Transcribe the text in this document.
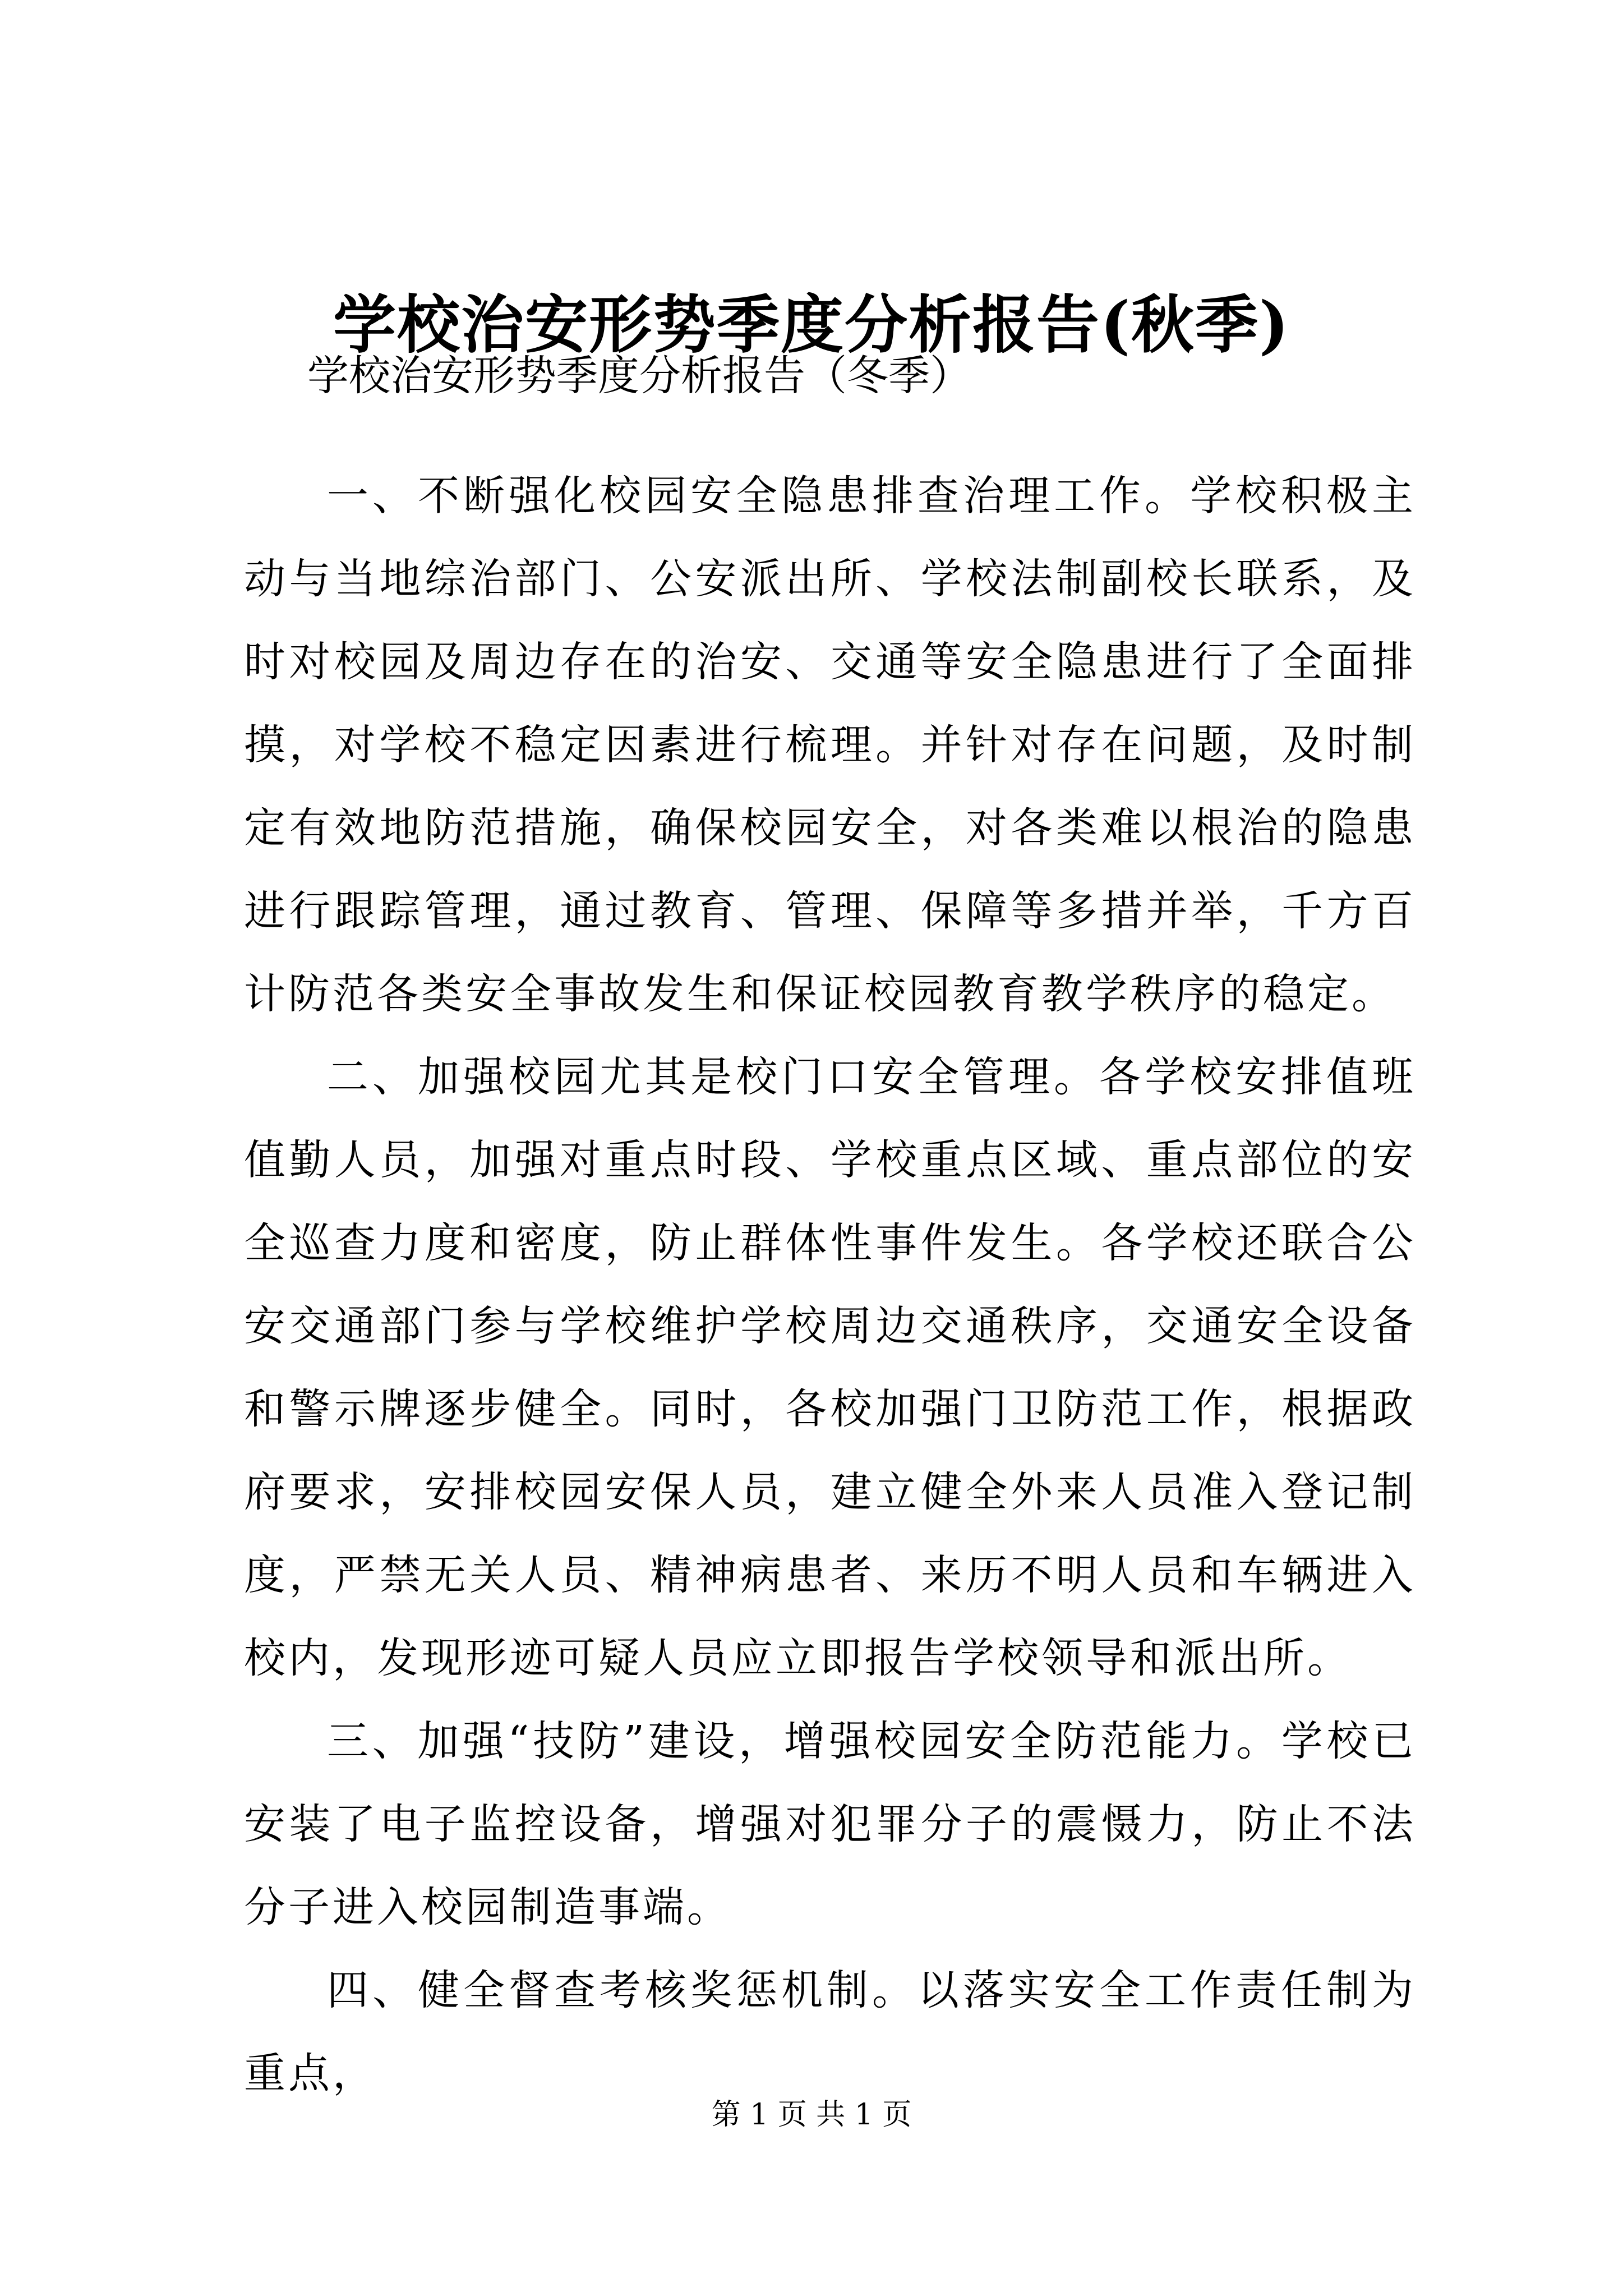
学校治安形势季度分析报告(秋季)
学校治安形势季度分析报告（冬季）

一、不断强化校园安全隐患排查治理工作。学校积极主动与当地综治部门、公安派出所、学校法制副校长联系，及时对校园及周边存在的治安、交通等安全隐患进行了全面排摸，对学校不稳定因素进行梳理。并针对存在问题，及时制定有效地防范措施，确保校园安全，对各类难以根治的隐患进行跟踪管理，通过教育、管理、保障等多措并举，千方百计防范各类安全事故发生和保证校园教育教学秩序的稳定。

二、加强校园尤其是校门口安全管理。各学校安排值班值勤人员，加强对重点时段、学校重点区域、重点部位的安全巡查力度和密度，防止群体性事件发生。各学校还联合公安交通部门参与学校维护学校周边交通秩序，交通安全设备和警示牌逐步健全。同时，各校加强门卫防范工作，根据政府要求，安排校园安保人员，建立健全外来人员准入登记制度，严禁无关人员、精神病患者、来历不明人员和车辆进入校内，发现形迹可疑人员应立即报告学校领导和派出所。

三、加强“技防”建设，增强校园安全防范能力。学校已安装了电子监控设备，增强对犯罪分子的震慑力，防止不法分子进入校园制造事端。

四、健全督查考核奖惩机制。以落实安全工作责任制为重点，

第 1 页 共 1 页
